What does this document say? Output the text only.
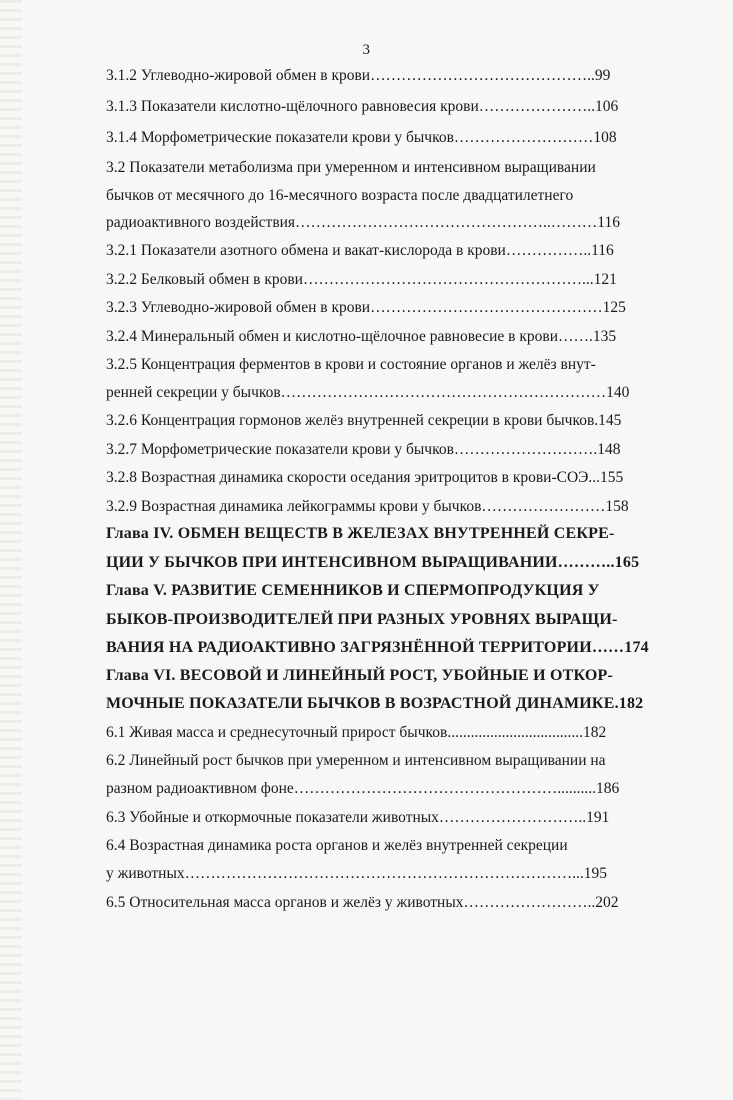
3
3.1.2 Углеводно-жировой обмен в крови……………………………………..99
3.1.3 Показатели кислотно-щёлочного равновесия крови…………………..106
3.1.4 Морфометрические показатели крови у бычков………………………108
3.2 Показатели метаболизма при умеренном и интенсивном выращивании
бычков от месячного до 16-месячного возраста после двадцатилетнего
радиоактивного воздействия…………………………………………..………116
3.2.1 Показатели азотного обмена и вакат-кислорода в крови……………..116
3.2.2 Белковый обмен в крови………………………………………………...121
3.2.3 Углеводно-жировой обмен в крови………………………………………125
3.2.4 Минеральный обмен и кислотно-щёлочное равновесие в крови…….135
3.2.5 Концентрация ферментов в крови и состояние органов и желёз внут-
ренней секреции у бычков………………………………………………………140
3.2.6 Концентрация гормонов желёз внутренней секреции в крови бычков.145
3.2.7 Морфометрические показатели крови у бычков……………………….148
3.2.8 Возрастная динамика скорости оседания эритроцитов в крови-СОЭ...155
3.2.9 Возрастная динамика лейкограммы крови у бычков……………………158
Глава IV. ОБМЕН ВЕЩЕСТВ В ЖЕЛЕЗАХ ВНУТРЕННЕЙ СЕКРЕ-
ЦИИ У БЫЧКОВ ПРИ ИНТЕНСИВНОМ ВЫРАЩИВАНИИ………..165
Глава V. РАЗВИТИЕ СЕМЕННИКОВ И СПЕРМОПРОДУКЦИЯ У
БЫКОВ-ПРОИЗВОДИТЕЛЕЙ ПРИ РАЗНЫХ УРОВНЯХ ВЫРАЩИ-
ВАНИЯ НА РАДИОАКТИВНО ЗАГРЯЗНЁННОЙ ТЕРРИТОРИИ……174
Глава VI. ВЕСОВОЙ И ЛИНЕЙНЫЙ РОСТ, УБОЙНЫЕ И ОТКОР-
МОЧНЫЕ ПОКАЗАТЕЛИ БЫЧКОВ В ВОЗРАСТНОЙ ДИНАМИКЕ.182
6.1 Живая масса и среднесуточный прирост бычков...................................182
6.2 Линейный рост бычков при умеренном и интенсивном выращивании на
разном радиоактивном фоне……………………………………………..........186
6.3 Убойные и откормочные показатели животных………………………..191
6.4 Возрастная динамика роста органов и желёз внутренней секреции
у животных…………………………………………………………………...195
6.5 Относительная масса органов и желёз у животных……………………..202
